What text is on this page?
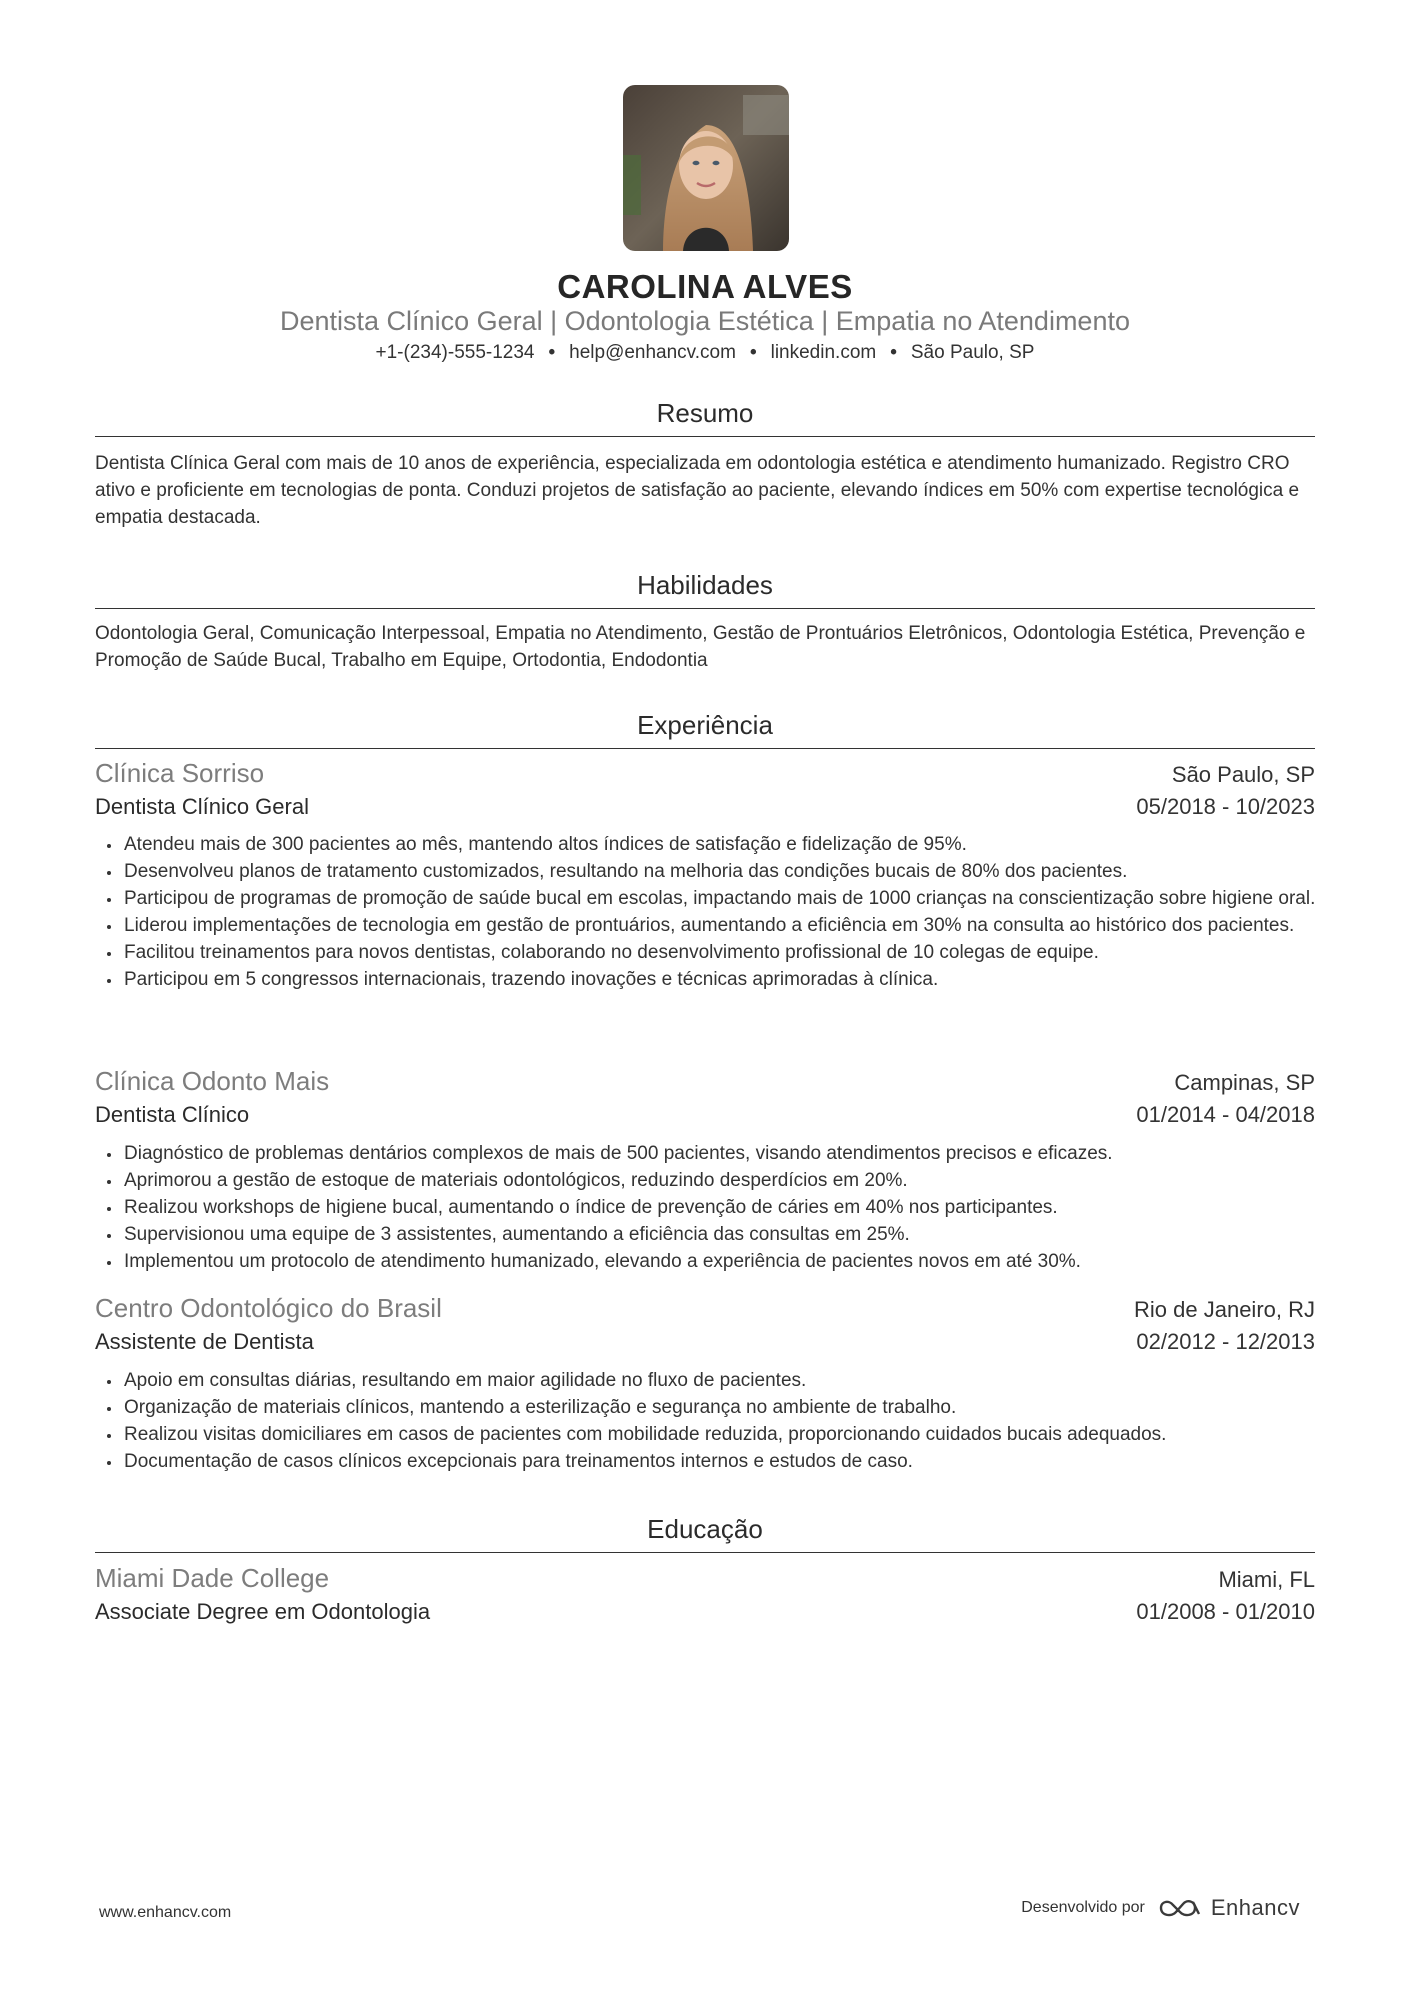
CAROLINA ALVES
Dentista Clínico Geral | Odontologia Estética | Empatia no Atendimento
+1-(234)-555-1234 • help@enhancv.com • linkedin.com • São Paulo, SP
Resumo
Dentista Clínica Geral com mais de 10 anos de experiência, especializada em odontologia estética e atendimento humanizado. Registro CRO ativo e proficiente em tecnologias de ponta. Conduzi projetos de satisfação ao paciente, elevando índices em 50% com expertise tecnológica e empatia destacada.
Habilidades
Odontologia Geral, Comunicação Interpessoal, Empatia no Atendimento, Gestão de Prontuários Eletrônicos, Odontologia Estética, Prevenção e Promoção de Saúde Bucal, Trabalho em Equipe, Ortodontia, Endodontia
Experiência
Clínica Sorriso	São Paulo, SP
Dentista Clínico Geral	05/2018 - 10/2023
• Atendeu mais de 300 pacientes ao mês, mantendo altos índices de satisfação e fidelização de 95%.
• Desenvolveu planos de tratamento customizados, resultando na melhoria das condições bucais de 80% dos pacientes.
• Participou de programas de promoção de saúde bucal em escolas, impactando mais de 1000 crianças na conscientização sobre higiene oral.
• Liderou implementações de tecnologia em gestão de prontuários, aumentando a eficiência em 30% na consulta ao histórico dos pacientes.
• Facilitou treinamentos para novos dentistas, colaborando no desenvolvimento profissional de 10 colegas de equipe.
• Participou em 5 congressos internacionais, trazendo inovações e técnicas aprimoradas à clínica.
Clínica Odonto Mais	Campinas, SP
Dentista Clínico	01/2014 - 04/2018
• Diagnóstico de problemas dentários complexos de mais de 500 pacientes, visando atendimentos precisos e eficazes.
• Aprimorou a gestão de estoque de materiais odontológicos, reduzindo desperdícios em 20%.
• Realizou workshops de higiene bucal, aumentando o índice de prevenção de cáries em 40% nos participantes.
• Supervisionou uma equipe de 3 assistentes, aumentando a eficiência das consultas em 25%.
• Implementou um protocolo de atendimento humanizado, elevando a experiência de pacientes novos em até 30%.
Centro Odontológico do Brasil	Rio de Janeiro, RJ
Assistente de Dentista	02/2012 - 12/2013
• Apoio em consultas diárias, resultando em maior agilidade no fluxo de pacientes.
• Organização de materiais clínicos, mantendo a esterilização e segurança no ambiente de trabalho.
• Realizou visitas domiciliares em casos de pacientes com mobilidade reduzida, proporcionando cuidados bucais adequados.
• Documentação de casos clínicos excepcionais para treinamentos internos e estudos de caso.
Educação
Miami Dade College	Miami, FL
Associate Degree em Odontologia	01/2008 - 01/2010
www.enhancv.com	Desenvolvido por	Enhancv
